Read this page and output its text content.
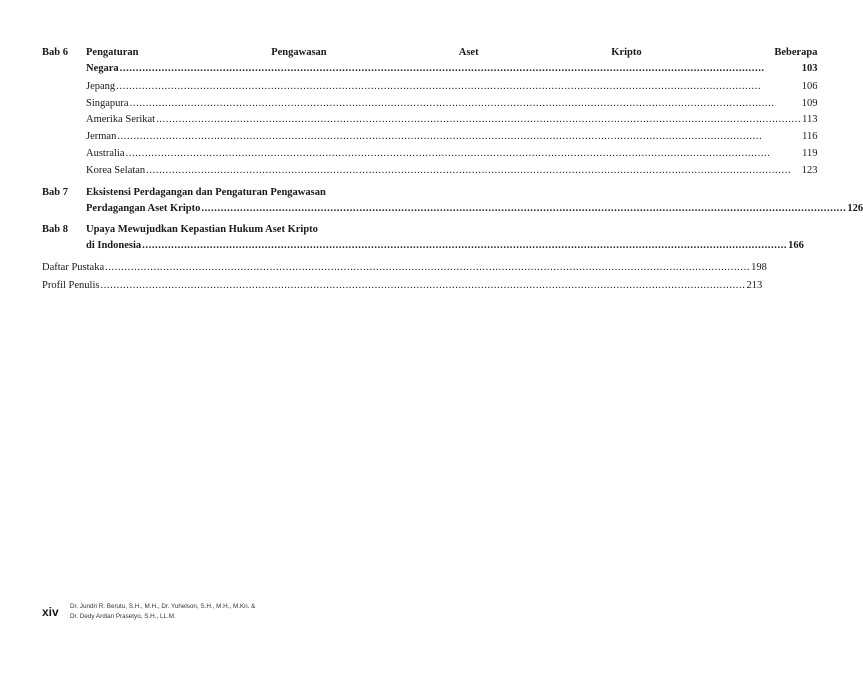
Bab 6	Pengaturan Pengawasan Aset Kripto Beberapa
Negara .....	103
Jepang .....	106
Singapura .....	109
Amerika Serikat .....	113
Jerman .....	116
Australia .....	119
Korea Selatan .....	123
Bab 7	Eksistensi Perdagangan dan Pengaturan Pengawasan
Perdagangan Aset Kripto .....	126
Bab 8	Upaya Mewujudkan Kepastian Hukum Aset Kripto
di Indonesia .....	166
Daftar Pustaka .....	198
Profil Penulis .....	213
xiv	Dr. Jundri R. Berutu, S.H., M.H., Dr. Yuhelson, S.H., M.H., M.Kn. &
Dr. Dedy Ardian Prasetyo, S.H., LL.M.
